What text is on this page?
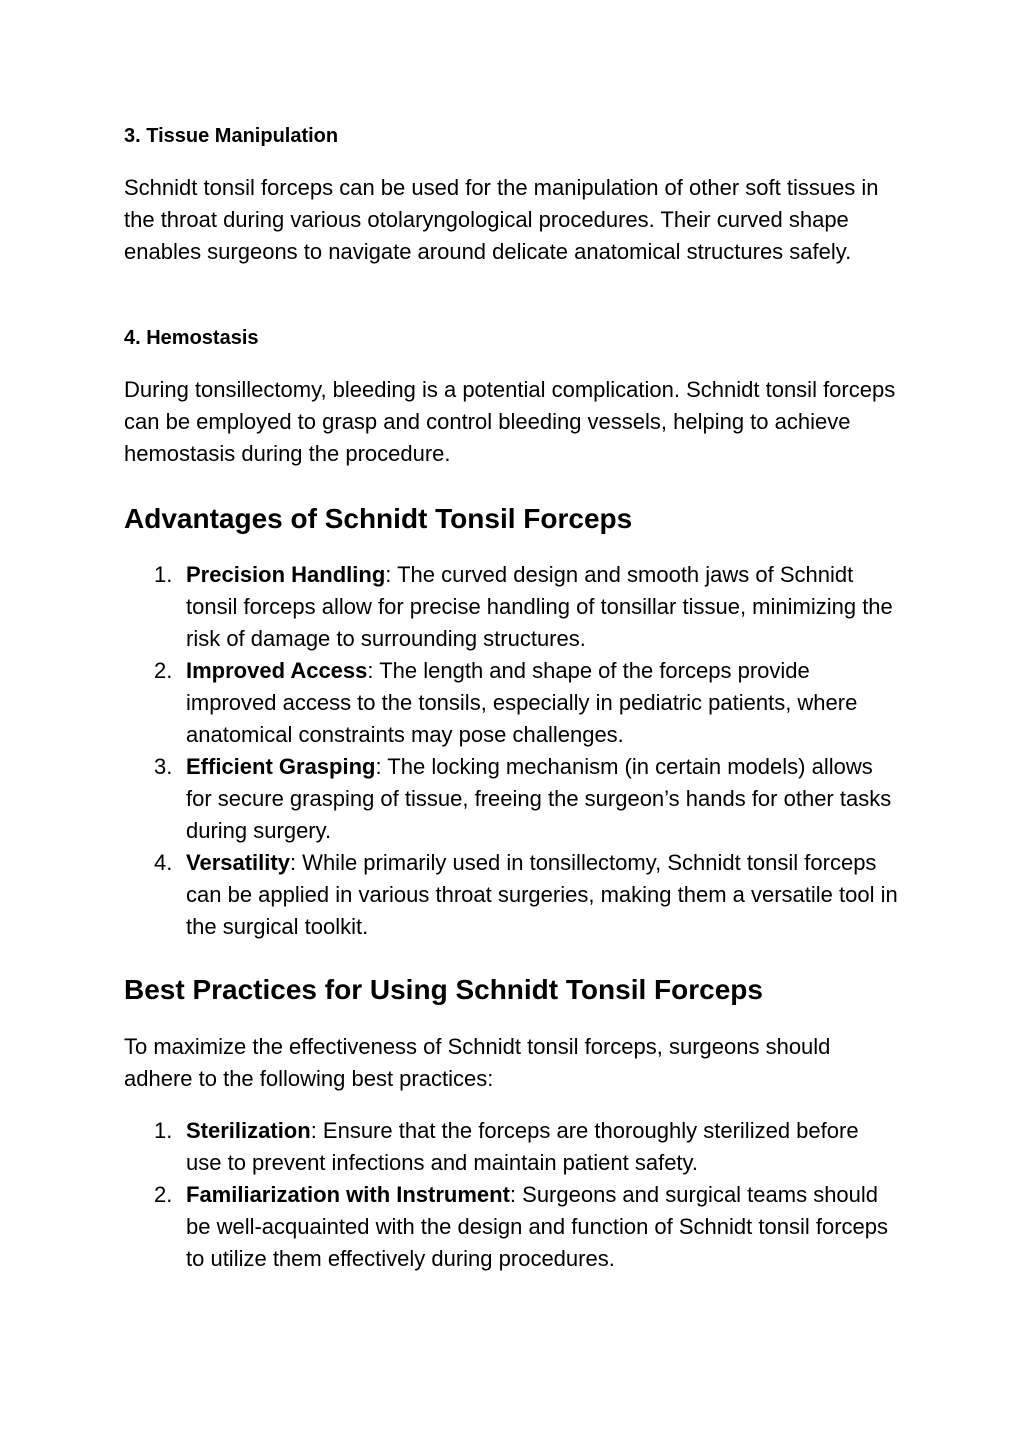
3. Tissue Manipulation

Schnidt tonsil forceps can be used for the manipulation of other soft tissues in the throat during various otolaryngological procedures. Their curved shape enables surgeons to navigate around delicate anatomical structures safely.

4. Hemostasis

During tonsillectomy, bleeding is a potential complication. Schnidt tonsil forceps can be employed to grasp and control bleeding vessels, helping to achieve hemostasis during the procedure.

Advantages of Schnidt Tonsil Forceps
1. Precision Handling: The curved design and smooth jaws of Schnidt tonsil forceps allow for precise handling of tonsillar tissue, minimizing the risk of damage to surrounding structures.
2. Improved Access: The length and shape of the forceps provide improved access to the tonsils, especially in pediatric patients, where anatomical constraints may pose challenges.
3. Efficient Grasping: The locking mechanism (in certain models) allows for secure grasping of tissue, freeing the surgeon’s hands for other tasks during surgery.
4. Versatility: While primarily used in tonsillectomy, Schnidt tonsil forceps can be applied in various throat surgeries, making them a versatile tool in the surgical toolkit.
Best Practices for Using Schnidt Tonsil Forceps

To maximize the effectiveness of Schnidt tonsil forceps, surgeons should adhere to the following best practices:

1. Sterilization: Ensure that the forceps are thoroughly sterilized before use to prevent infections and maintain patient safety.
2. Familiarization with Instrument: Surgeons and surgical teams should be well-acquainted with the design and function of Schnidt tonsil forceps to utilize them effectively during procedures.
